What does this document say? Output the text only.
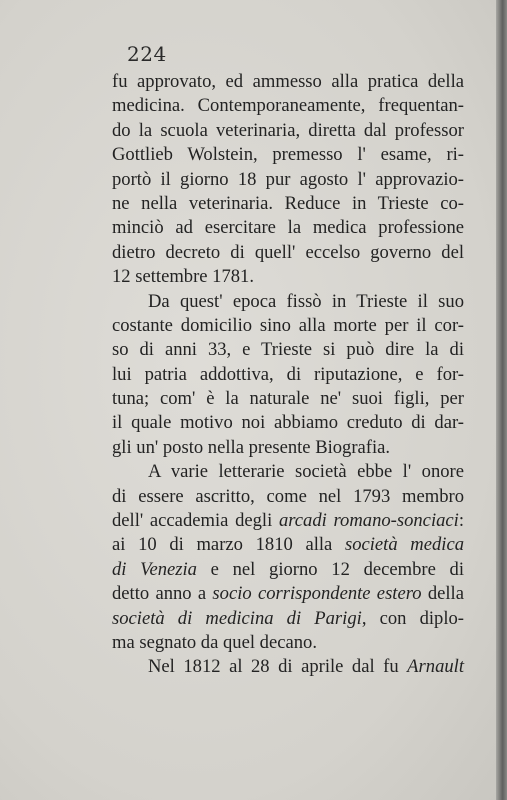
224
fu approvato, ed ammesso alla pratica della
medicina. Contemporaneamente, frequentan-
do la scuola veterinaria, diretta dal professor
Gottlieb Wolstein, premesso l' esame, ri-
portò il giorno 18 pur agosto l' approvazio-
ne nella veterinaria. Reduce in Trieste co-
minciò ad esercitare la medica professione
dietro decreto di quell' eccelso governo del
12 settembre 1781.
Da quest' epoca fissò in Trieste il suo
costante domicilio sino alla morte per il cor-
so di anni 33, e Trieste si può dire la di
lui patria addottiva, di riputazione, e for-
tuna; com' è la naturale ne' suoi figli, per
il quale motivo noi abbiamo creduto di dar-
gli un' posto nella presente Biografia.
A varie letterarie società ebbe l' onore
di essere ascritto, come nel 1793 membro
dell' accademia degli arcadi romano-sonciaci:
ai 10 di marzo 1810 alla società medica
di Venezia e nel giorno 12 decembre di
detto anno a socio corrispondente estero della
società di medicina di Parigi, con diplo-
ma segnato da quel decano.
Nel 1812 al 28 di aprile dal fu Arnault
